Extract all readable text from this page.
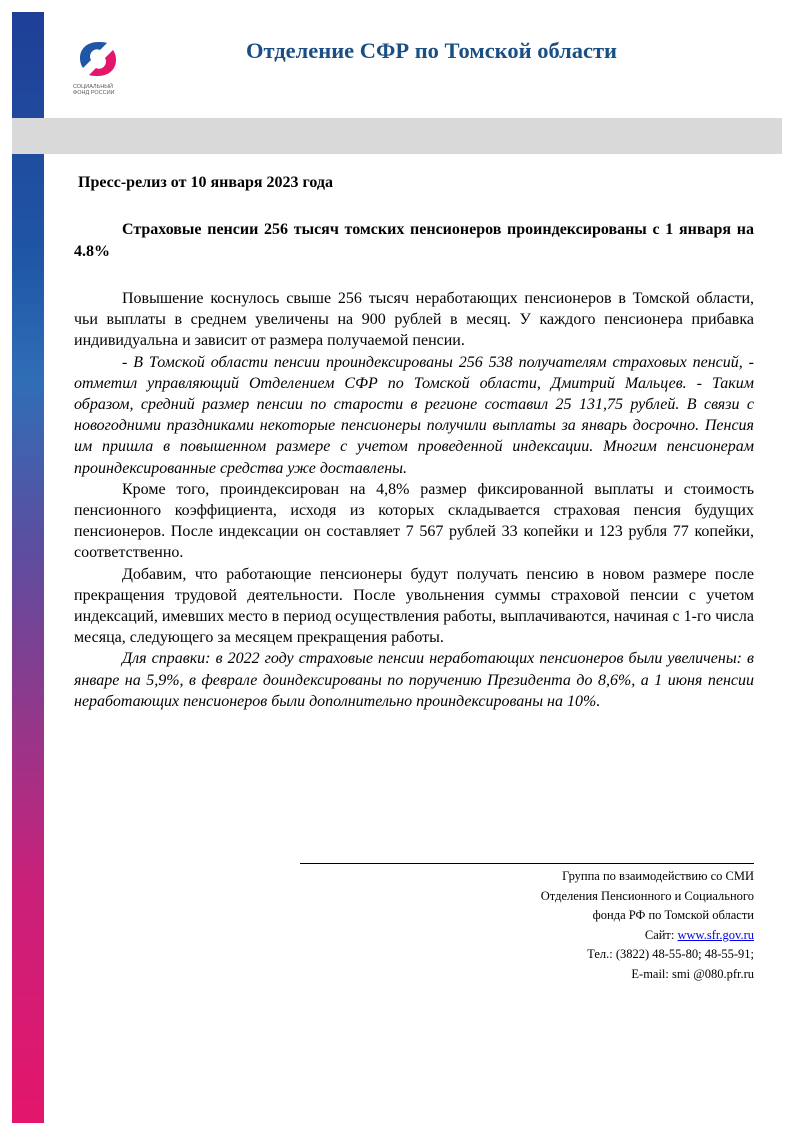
СОЦИАЛЬНЫЙ
ФОНД РОССИИ
Отделение СФР по Томской области
Пресс-релиз от 10 января 2023 года
Страховые пенсии 256 тысяч томских пенсионеров проиндексированы с 1 января на 4.8%

Повышение коснулось свыше 256 тысяч неработающих пенсионеров в Томской области, чьи выплаты в среднем увеличены на 900 рублей в месяц. У каждого пенсионера прибавка индивидуальна и зависит от размера получаемой пенсии.

- В Томской области пенсии проиндексированы 256 538 получателям страховых пенсий, - отметил управляющий Отделением СФР по Томской области, Дмитрий Мальцев. - Таким образом, средний размер пенсии по старости в регионе составил 25 131,75 рублей. В связи с новогодними праздниками некоторые пенсионеры получили выплаты за январь досрочно. Пенсия им пришла в повышенном размере с учетом проведенной индексации. Многим пенсионерам проиндексированные средства уже доставлены.

Кроме того, проиндексирован на 4,8% размер фиксированной выплаты и стоимость пенсионного коэффициента, исходя из которых складывается страховая пенсия будущих пенсионеров. После индексации он составляет 7 567 рублей 33 копейки и 123 рубля 77 копейки, соответственно.

Добавим, что работающие пенсионеры будут получать пенсию в новом размере после прекращения трудовой деятельности. После увольнения суммы страховой пенсии с учетом индексаций, имевших место в период осуществления работы, выплачиваются, начиная с 1-го числа месяца, следующего за месяцем прекращения работы.

Для справки: в 2022 году страховые пенсии неработающих пенсионеров были увеличены: в январе на 5,9%, в феврале доиндексированы по поручению Президента до 8,6%, а 1 июня пенсии неработающих пенсионеров были дополнительно проиндексированы на 10%.

Группа по взаимодействию со СМИ
Отделения Пенсионного и Социального
фонда РФ по Томской области
Сайт: www.sfr.gov.ru
Тел.: (3822) 48-55-80; 48-55-91;
E-mail: smi @080.pfr.ru
